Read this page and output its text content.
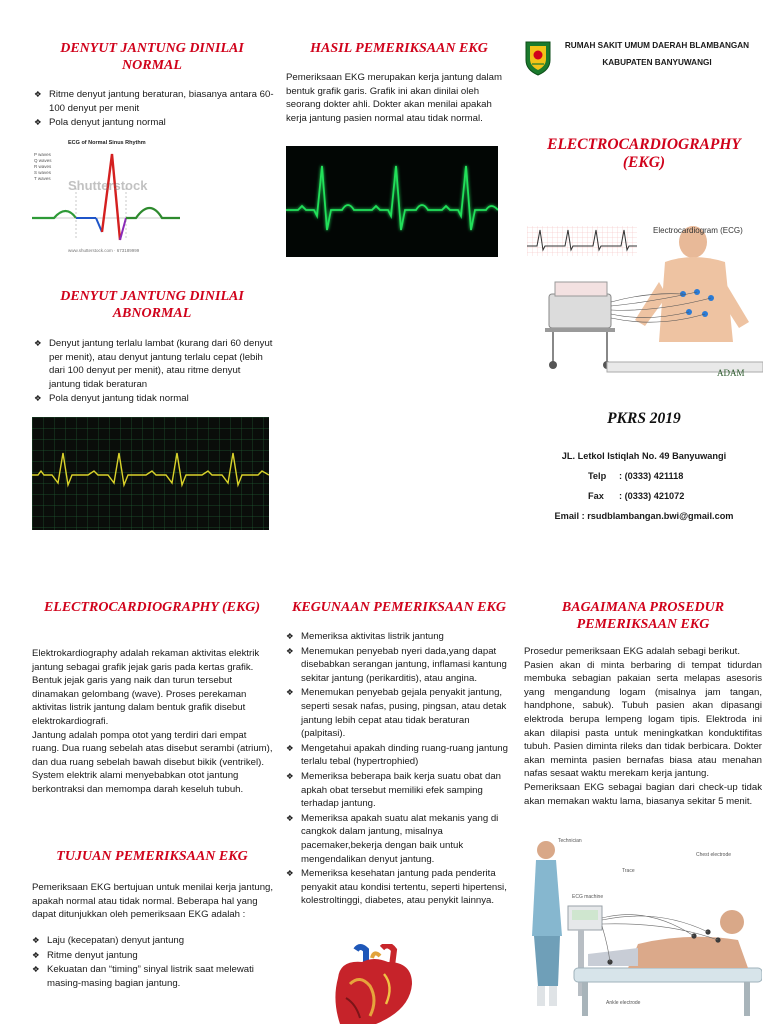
DENYUT JANTUNG DINILAI NORMAL
❖ Ritme denyut jantung beraturan, biasanya antara 60-100 denyut per menit
❖ Pola denyut jantung normal
ECG of Normal Sinus Rhythm
P waves
Q waves
R waves
S waves
T waves	Shutterstock
www.shutterstock.com · 673189999
DENYUT JANTUNG DINILAI ABNORMAL
❖ Denyut jantung terlalu lambat (kurang dari 60 denyut per menit), atau denyut jantung terlalu cepat (lebih dari 100 denyut per menit), atau ritme denyut jantung tidak beraturan
❖ Pola denyut jantung tidak normal
HASIL PEMERIKSAAN EKG
Pemeriksaan EKG merupakan kerja jantung dalam bentuk grafik garis. Grafik ini akan dinilai oleh seorang dokter ahli. Dokter akan menilai apakah kerja jantung pasien normal atau tidak normal.
RUMAH SAKIT UMUM DAERAH BLAMBANGAN
KABUPATEN BANYUWANGI
ELECTROCARDIOGRAPHY (EKG)
Electrocardiogram (ECG)
ADAM
PKRS 2019
JL. Letkol Istiqlah No. 49 Banyuwangi
Telp	: (0333) 421118
Fax	: (0333) 421072
Email : rsudblambangan.bwi@gmail.com
ELECTROCARDIOGRAPHY (EKG)
Elektrokardiography adalah rekaman aktivitas elektrik jantung sebagai grafik jejak garis pada kertas grafik. Bentuk jejak garis yang naik dan turun tersebut dinamakan gelombang (wave). Proses perekaman aktivitas listrik jantung dalam bentuk grafik disebut elektrokardiografi.
Jantung adalah pompa otot yang terdiri dari empat ruang. Dua ruang sebelah atas disebut serambi (atrium), dan dua ruang sebelah bawah disebut bikik (ventrikel). System elektrik alami menyebabkan otot jantung berkontraksi dan memompa darah keseluh tubuh.
TUJUAN PEMERIKSAAN EKG
Pemeriksaan EKG bertujuan untuk menilai kerja jantung, apakah normal atau tidak normal. Beberapa hal yang dapat ditunjukkan oleh pemeriksaan EKG adalah :
❖ Laju (kecepatan) denyut jantung
❖ Ritme denyut jantung
❖ Kekuatan dan “timing” sinyal listrik saat melewati masing-masing bagian jantung.
KEGUNAAN PEMERIKSAAN EKG
❖ Memeriksa aktivitas listrik jantung
❖ Menemukan penyebab nyeri dada,yang dapat disebabkan serangan jantung, inflamasi kantung sekitar jantung (perikarditis), atau angina.
❖ Menemukan penyebab gejala penyakit jantung, seperti sesak nafas, pusing, pingsan, atau detak jantung lebih cepat atau tidak beraturan (palpitasi).
❖ Mengetahui apakah dinding ruang-ruang jantung terlalu tebal (hypertrophied)
❖ Memeriksa beberapa baik kerja suatu obat dan apkah obat tersebut memiliki efek samping terhadap jantung.
❖ Memeriksa apakah suatu alat mekanis yang di cangkok dalam jantung, misalnya pacemaker,bekerja dengan baik untuk mengendalikan denyut jantung.
❖ Memeriksa kesehatan jantung pada penderita penyakit atau kondisi tertentu, seperti hipertensi, kolestroltinggi, diabetes, atau penykit lainnya.
BAGAIMANA PROSEDUR PEMERIKSAAN EKG
Prosedur pemeriksaan EKG adalah sebagi berikut.
Pasien akan di minta berbaring di tempat tidurdan membuka sebagian pakaian serta melapas asesoris yang mengandung logam (misalnya jam tangan, handphone, sabuk). Tubuh pasien akan dipasangi elektroda berupa lempeng logam tipis. Elektroda ini akan dilapisi pasta untuk meningkatkan konduktifitas tubuh. Pasien diminta rileks dan tidak berbicara. Dokter akan meminta pasien bernafas biasa atau menahan nafas sesaat waktu merekam kerja jantung.
Pemeriksaan EKG sebagai bagian dari check-up tidak akan memakan waktu lama, biasanya sekitar 5 menit.
Technician
Chest electrode
Trace
ECG machine
Ankle electrode
